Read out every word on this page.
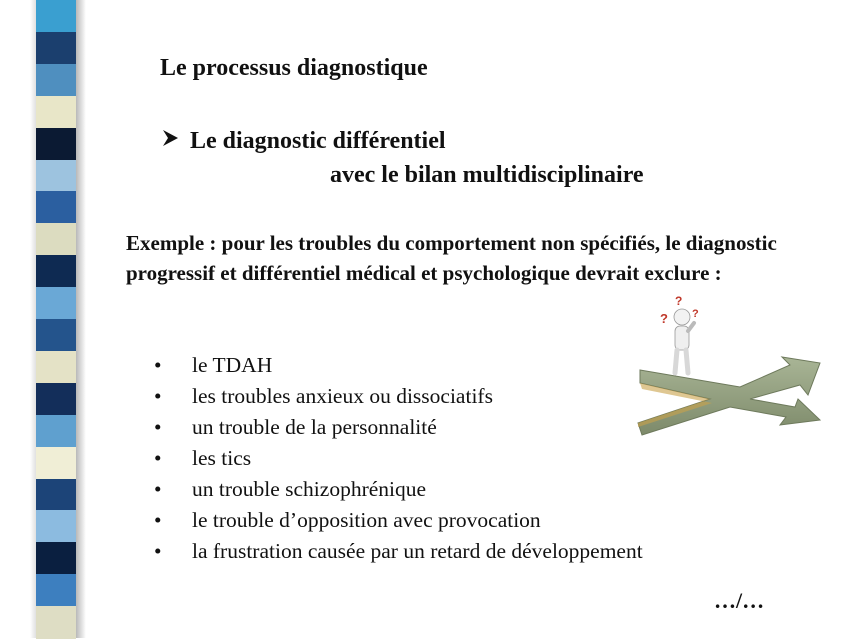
Le processus diagnostique
Le diagnostic différentiel
avec le bilan multidisciplinaire

Exemple : pour les troubles du comportement non spécifiés, le diagnostic progressif et différentiel médical et psychologique devrait exclure :

• le TDAH
• les troubles anxieux ou dissociatifs
• un trouble de la personnalité
• les tics
• un trouble schizophrénique
• le trouble d’opposition avec provocation
• la frustration causée par un retard de développement
?
?
?
…/…
